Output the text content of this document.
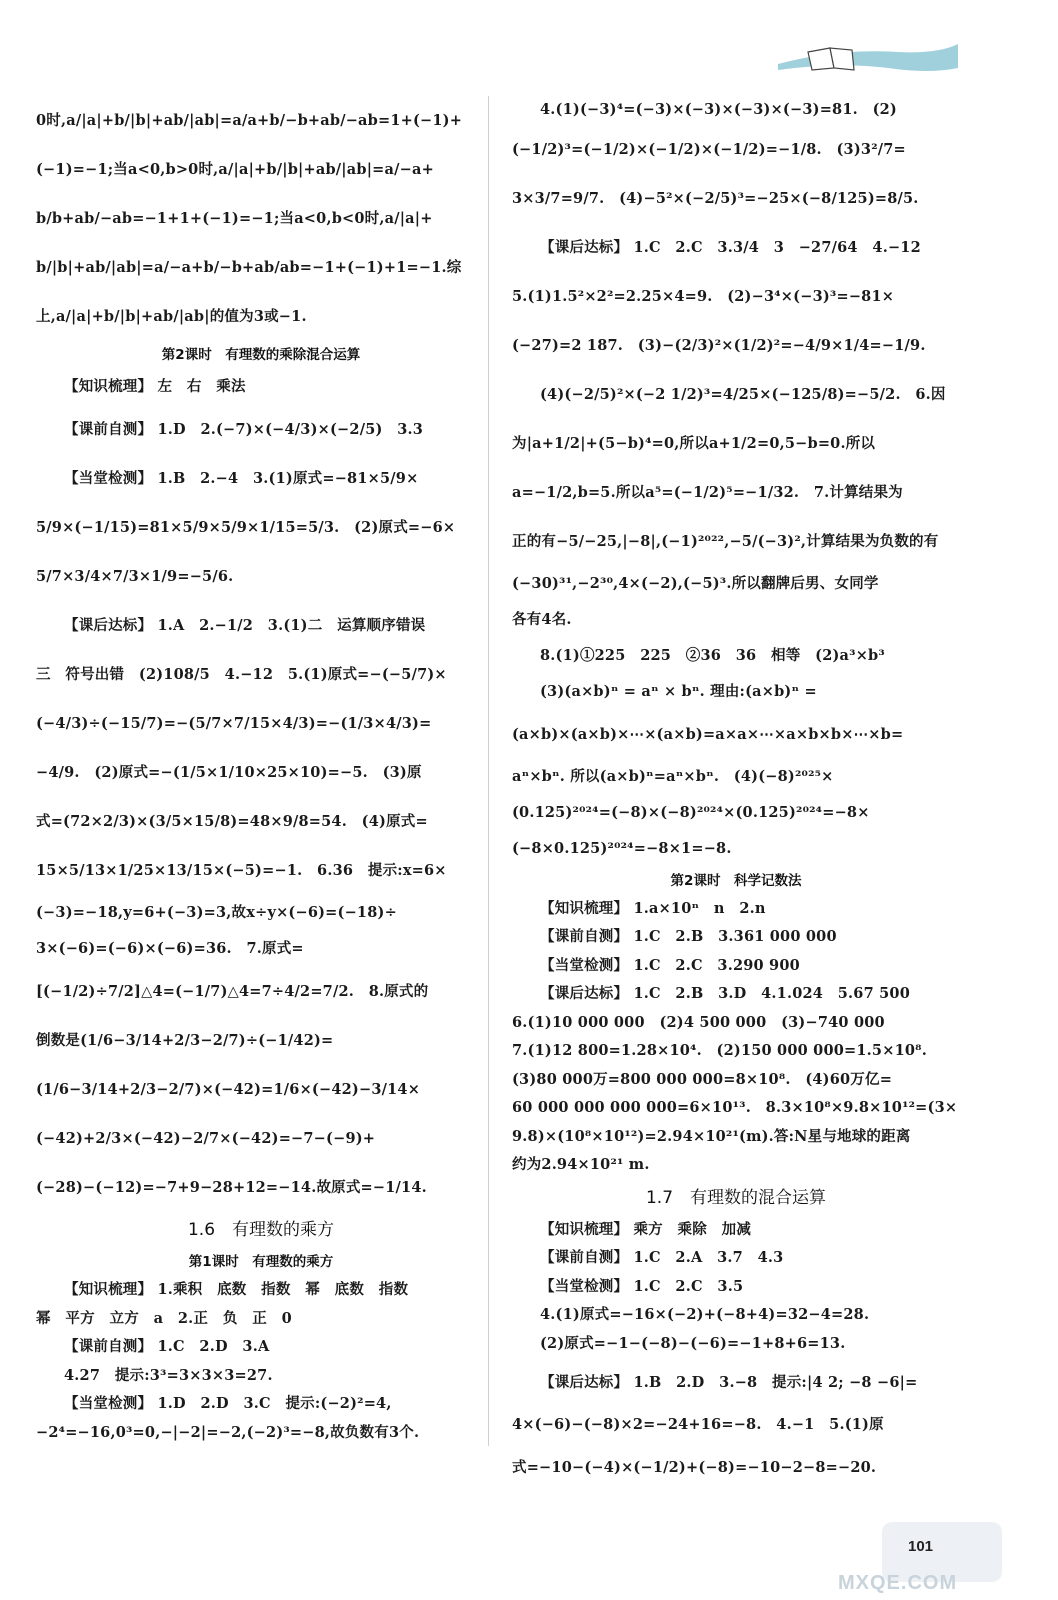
0时,a/|a|+b/|b|+ab/|ab|=a/a+b/−b+ab/−ab=1+(−1)+
(−1)=−1;当a<0,b>0时,a/|a|+b/|b|+ab/|ab|=a/−a+
b/b+ab/−ab=−1+1+(−1)=−1;当a<0,b<0时,a/|a|+
b/|b|+ab/|ab|=a/−a+b/−b+ab/ab=−1+(−1)+1=−1.综
上,a/|a|+b/|b|+ab/|ab|的值为3或−1.
第2课时　有理数的乘除混合运算
【知识梳理】 左　右　乘法
【课前自测】 1.D　2.(−7)×(−4/3)×(−2/5)　3.3
【当堂检测】 1.B　2.−4　3.(1)原式=−81×5/9×
5/9×(−1/15)=81×5/9×5/9×1/15=5/3.　(2)原式=−6×
5/7×3/4×7/3×1/9=−5/6.
【课后达标】 1.A　2.−1/2　3.(1)二　运算顺序错误
三　符号出错　(2)108/5　4.−12　5.(1)原式=−(−5/7)×
(−4/3)÷(−15/7)=−(5/7×7/15×4/3)=−(1/3×4/3)=
−4/9.　(2)原式=−(1/5×1/10×25×10)=−5.　(3)原
式=(72×2/3)×(3/5×15/8)=48×9/8=54.　(4)原式=
15×5/13×1/25×13/15×(−5)=−1.　6.36　提示:x=6×
(−3)=−18,y=6+(−3)=3,故x÷y×(−6)=(−18)÷
3×(−6)=(−6)×(−6)=36.　7.原式=
[(−1/2)÷7/2]△4=(−1/7)△4=7÷4/2=7/2.　8.原式的
倒数是(1/6−3/14+2/3−2/7)÷(−1/42)=
(1/6−3/14+2/3−2/7)×(−42)=1/6×(−42)−3/14×
(−42)+2/3×(−42)−2/7×(−42)=−7−(−9)+
(−28)−(−12)=−7+9−28+12=−14.故原式=−1/14.
1.6　有理数的乘方
第1课时　有理数的乘方
【知识梳理】 1.乘积　底数　指数　幂　底数　指数
幂　平方　立方　a　2.正　负　正　0
【课前自测】 1.C　2.D　3.A
4.27　提示:3³=3×3×3=27.
【当堂检测】 1.D　2.D　3.C　提示:(−2)²=4,
−2⁴=−16,0³=0,−|−2|=−2,(−2)³=−8,故负数有3个.
4.(1)(−3)⁴=(−3)×(−3)×(−3)×(−3)=81.　(2)
(−1/2)³=(−1/2)×(−1/2)×(−1/2)=−1/8.　(3)3²/7=
3×3/7=9/7.　(4)−5²×(−2/5)³=−25×(−8/125)=8/5.
【课后达标】 1.C　2.C　3.3/4　3　−27/64　4.−12
5.(1)1.5²×2²=2.25×4=9.　(2)−3⁴×(−3)³=−81×
(−27)=2 187.　(3)−(2/3)²×(1/2)²=−4/9×1/4=−1/9.
(4)(−2/5)²×(−2 1/2)³=4/25×(−125/8)=−5/2.　6.因
为|a+1/2|+(5−b)⁴=0,所以a+1/2=0,5−b=0.所以
a=−1/2,b=5.所以a⁵=(−1/2)⁵=−1/32.　7.计算结果为
正的有−5/−25,|−8|,(−1)²⁰²²,−5/(−3)²,计算结果为负数的有
(−30)³¹,−2³⁰,4×(−2),(−5)³.所以翻牌后男、女同学
各有4名.
8.(1)①225　225　②36　36　相等　(2)a³×b³
(3)(a×b)ⁿ = aⁿ × bⁿ. 理由:(a×b)ⁿ =
(a×b)×(a×b)×⋯×(a×b)=a×a×⋯×a×b×b×⋯×b=
aⁿ×bⁿ. 所以(a×b)ⁿ=aⁿ×bⁿ.　(4)(−8)²⁰²⁵×
(0.125)²⁰²⁴=(−8)×(−8)²⁰²⁴×(0.125)²⁰²⁴=−8×
(−8×0.125)²⁰²⁴=−8×1=−8.
第2课时　科学记数法
【知识梳理】 1.a×10ⁿ　n　2.n
【课前自测】 1.C　2.B　3.361 000 000
【当堂检测】 1.C　2.C　3.290 900
【课后达标】 1.C　2.B　3.D　4.1.024　5.67 500
6.(1)10 000 000　(2)4 500 000　(3)−740 000
7.(1)12 800=1.28×10⁴.　(2)150 000 000=1.5×10⁸.
(3)80 000万=800 000 000=8×10⁸.　(4)60万亿=
60 000 000 000 000=6×10¹³.　8.3×10⁸×9.8×10¹²=(3×
9.8)×(10⁸×10¹²)=2.94×10²¹(m).答:N星与地球的距离
约为2.94×10²¹ m.
1.7　有理数的混合运算
【知识梳理】 乘方　乘除　加减
【课前自测】 1.C　2.A　3.7　4.3
【当堂检测】 1.C　2.C　3.5
4.(1)原式=−16×(−2)+(−8+4)=32−4=28.
(2)原式=−1−(−8)−(−6)=−1+8+6=13.
【课后达标】 1.B　2.D　3.−8　提示:|4 2; −8 −6|=
4×(−6)−(−8)×2=−24+16=−8.　4.−1　5.(1)原
式=−10−(−4)×(−1/2)+(−8)=−10−2−8=−20.
101
MXQE.COM
